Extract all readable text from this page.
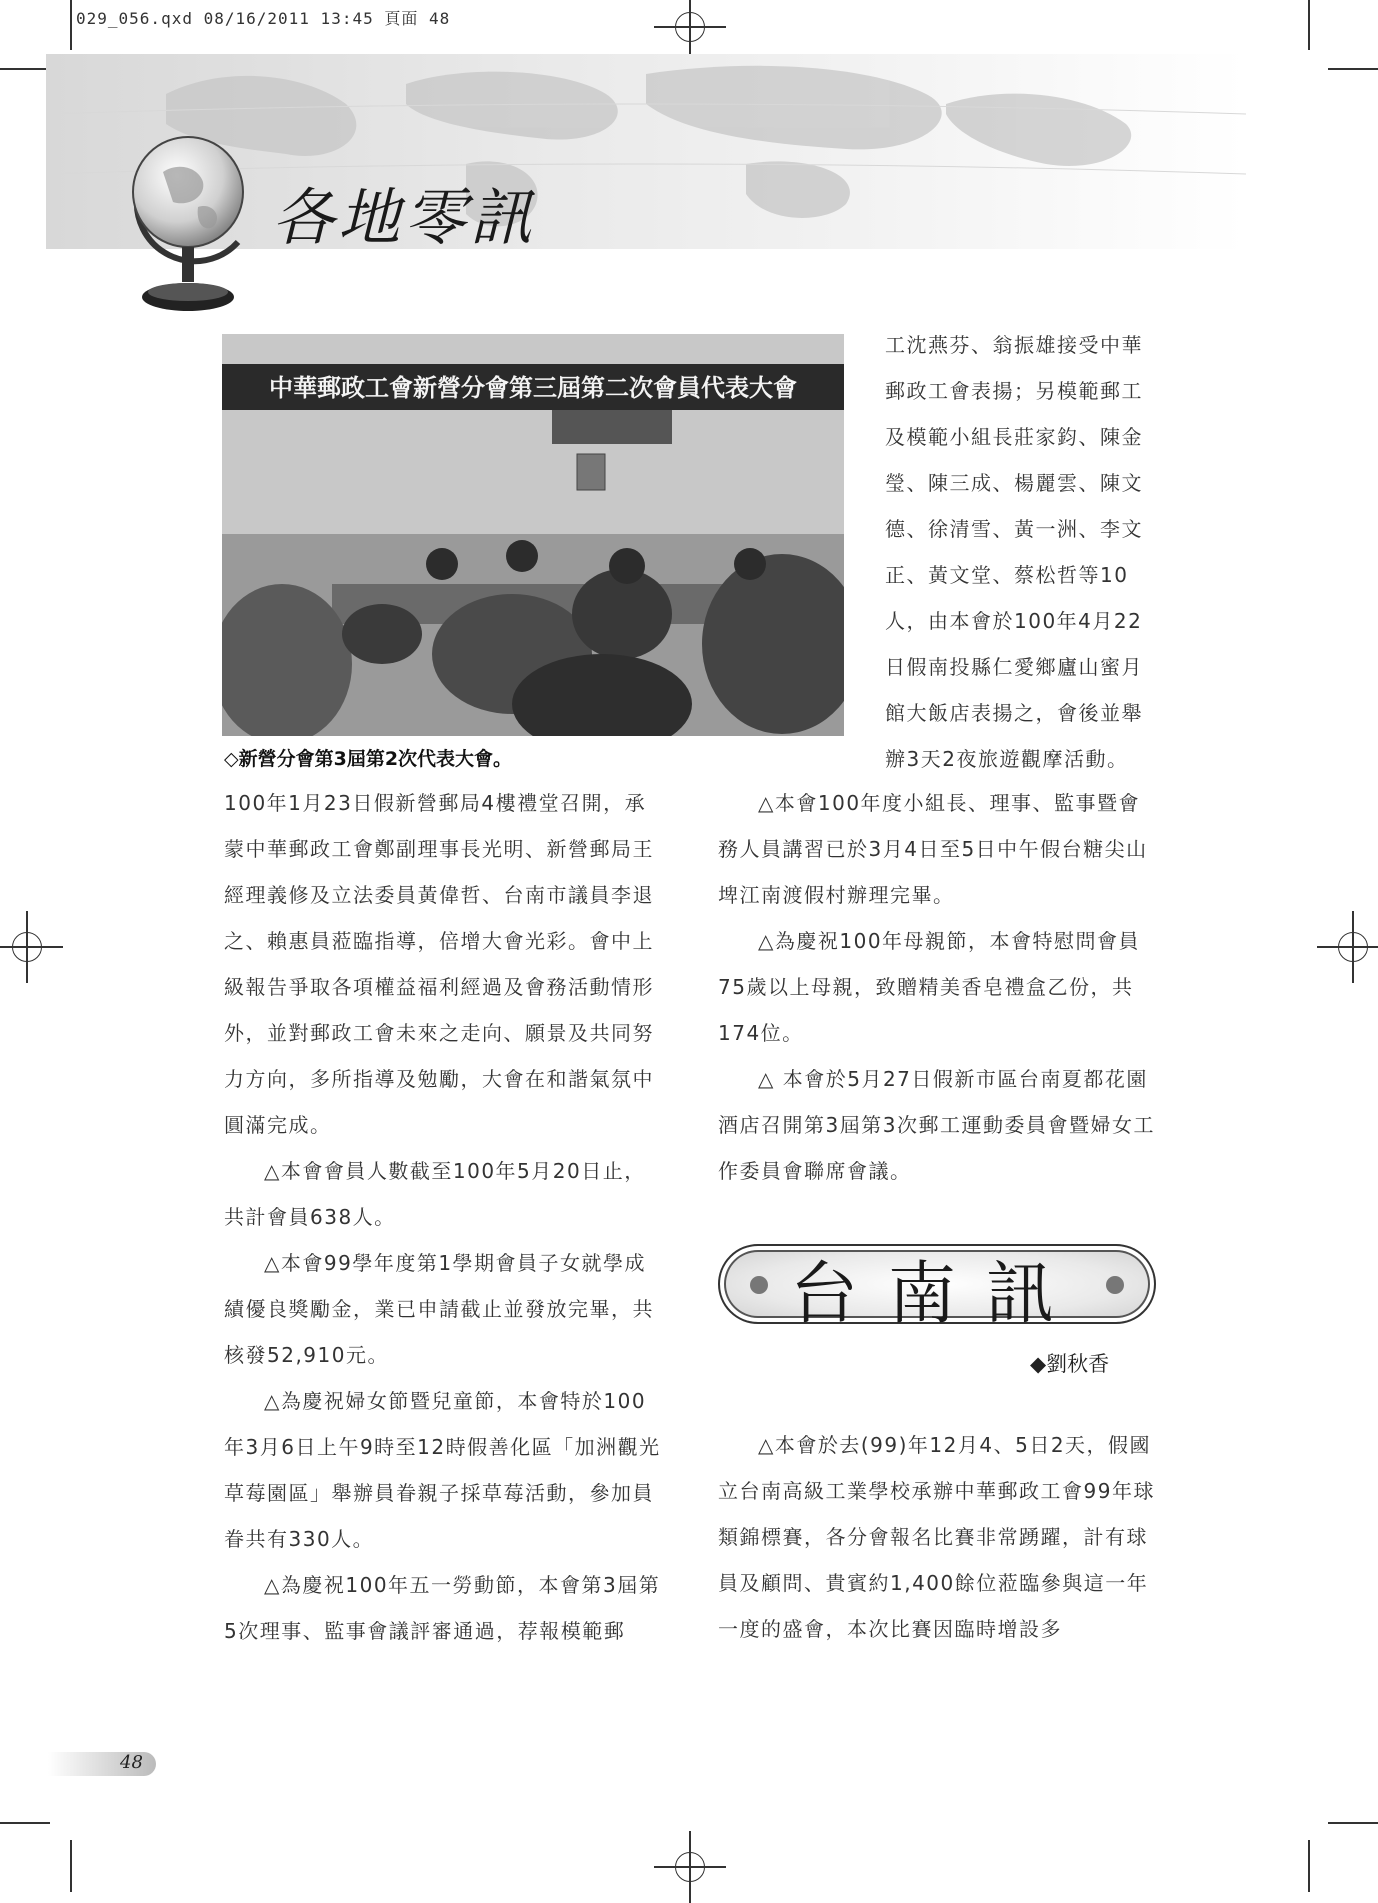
029_056.qxd 08/16/2011 13:45 頁面 48
各地零訊
中華郵政工會新營分會第三屆第二次會員代表大會
◇新營分會第3屆第2次代表大會。

工沈燕芬、翁振雄接受中華郵政工會表揚；另模範郵工及模範小組長莊家鈞、陳金瑩、陳三成、楊麗雲、陳文德、徐清雪、黃一洲、李文正、黃文堂、蔡松哲等10人，由本會於100年4月22日假南投縣仁愛鄉廬山蜜月館大飯店表揚之，會後並舉辦3天2夜旅遊觀摩活動。

100年1月23日假新營郵局4樓禮堂召開，承蒙中華郵政工會鄭副理事長光明、新營郵局王經理義修及立法委員黃偉哲、台南市議員李退之、賴惠員蒞臨指導，倍增大會光彩。會中上級報告爭取各項權益福利經過及會務活動情形外，並對郵政工會未來之走向、願景及共同努力方向，多所指導及勉勵，大會在和諧氣氛中圓滿完成。

△本會會員人數截至100年5月20日止，共計會員638人。

△本會99學年度第1學期會員子女就學成績優良獎勵金，業已申請截止並發放完畢，共核發52,910元。

△為慶祝婦女節暨兒童節，本會特於100年3月6日上午9時至12時假善化區「加洲觀光草莓園區」舉辦員眷親子採草莓活動，參加員眷共有330人。

△為慶祝100年五一勞動節，本會第3屆第5次理事、監事會議評審通過，荐報模範郵

△本會100年度小組長、理事、監事暨會務人員講習已於3月4日至5日中午假台糖尖山埤江南渡假村辦理完畢。

△為慶祝100年母親節，本會特慰問會員75歲以上母親，致贈精美香皂禮盒乙份，共174位。

△ 本會於5月27日假新市區台南夏都花園酒店召開第3屆第3次郵工運動委員會暨婦女工作委員會聯席會議。

台南訊
◆劉秋香

△本會於去(99)年12月4、5日2天，假國立台南高級工業學校承辦中華郵政工會99年球類錦標賽，各分會報名比賽非常踴躍，計有球員及顧問、貴賓約1,400餘位蒞臨參與這一年一度的盛會，本次比賽因臨時增設多

48
